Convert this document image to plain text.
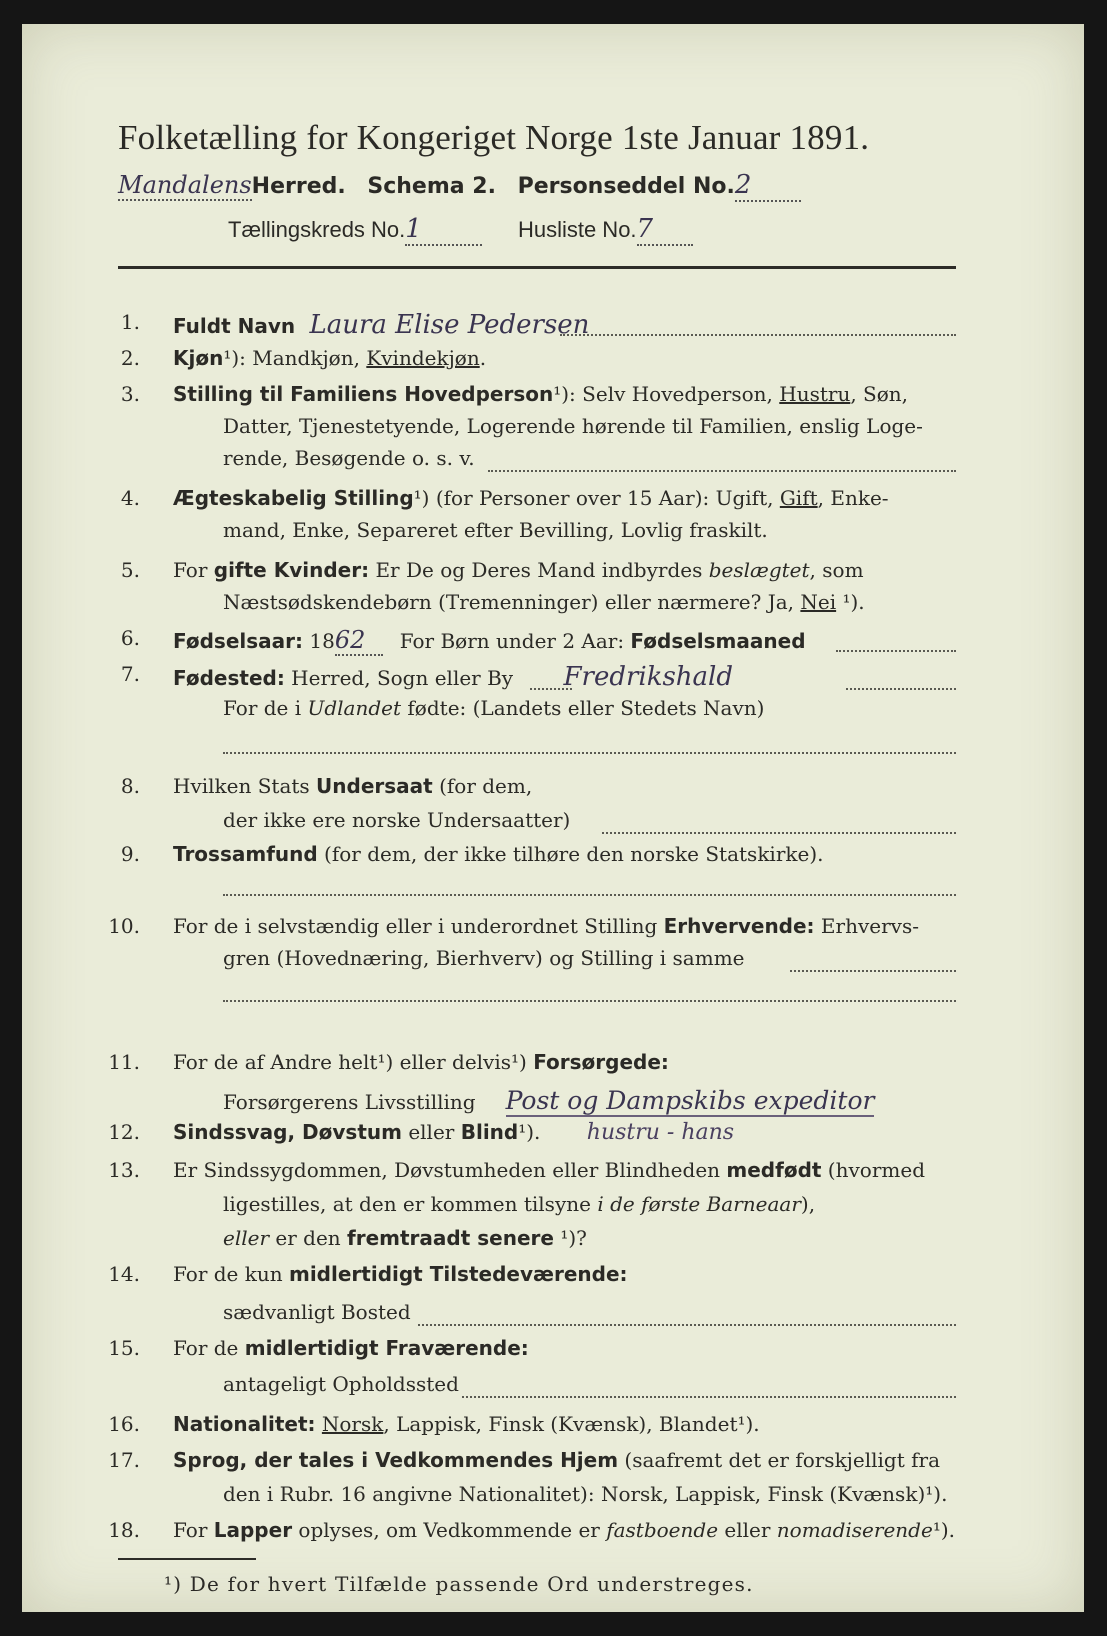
Folketælling for Kongeriget Norge 1ste Januar 1891.
MandalensHerred. Schema 2. Personseddel No.2
Tællingskreds No.1	Husliste No.7
1. Fuldt Navn Laura Elise Pedersen
2. Kjøn¹): Mandkjøn, Kvindekjøn.
3. Stilling til Familiens Hovedperson¹): Selv Hovedperson, Hustru, Søn,
Datter, Tjenestetyende, Logerende hørende til Familien, enslig Loge-
rende, Besøgende o. s. v.
4. Ægteskabelig Stilling¹) (for Personer over 15 Aar): Ugift, Gift, Enke-
mand, Enke, Separeret efter Bevilling, Lovlig fraskilt.
5. For gifte Kvinder: Er De og Deres Mand indbyrdes beslægtet, som
Næstsødskendebørn (Tremenninger) eller nærmere? Ja, Nei ¹).
6. Fødselsaar: 1862 For Børn under 2 Aar: Fødselsmaaned
7. Fødested: Herred, Sogn eller By Fredrikshald
For de i Udlandet fødte: (Landets eller Stedets Navn)
8. Hvilken Stats Undersaat (for dem,
der ikke ere norske Undersaatter)
9. Trossamfund (for dem, der ikke tilhøre den norske Statskirke).
10. For de i selvstændig eller i underordnet Stilling Erhvervende: Erhvervs-
gren (Hovednæring, Bierhverv) og Stilling i samme
11. For de af Andre helt¹) eller delvis¹) Forsørgede:
Forsørgerens Livsstilling Post og Dampskibs expeditor
12. Sindssvag, Døvstum eller Blind¹). hustru - hans
13. Er Sindssygdommen, Døvstumheden eller Blindheden medfødt (hvormed
ligestilles, at den er kommen tilsyne i de første Barneaar),
eller er den fremtraadt senere ¹)?
14. For de kun midlertidigt Tilstedeværende:
sædvanligt Bosted
15. For de midlertidigt Fraværende:
antageligt Opholdssted
16. Nationalitet: Norsk, Lappisk, Finsk (Kvænsk), Blandet¹).
17. Sprog, der tales i Vedkommendes Hjem (saafremt det er forskjelligt fra
den i Rubr. 16 angivne Nationalitet): Norsk, Lappisk, Finsk (Kvænsk)¹).
18. For Lapper oplyses, om Vedkommende er fastboende eller nomadiserende¹).
¹) De for hvert Tilfælde passende Ord understreges.
